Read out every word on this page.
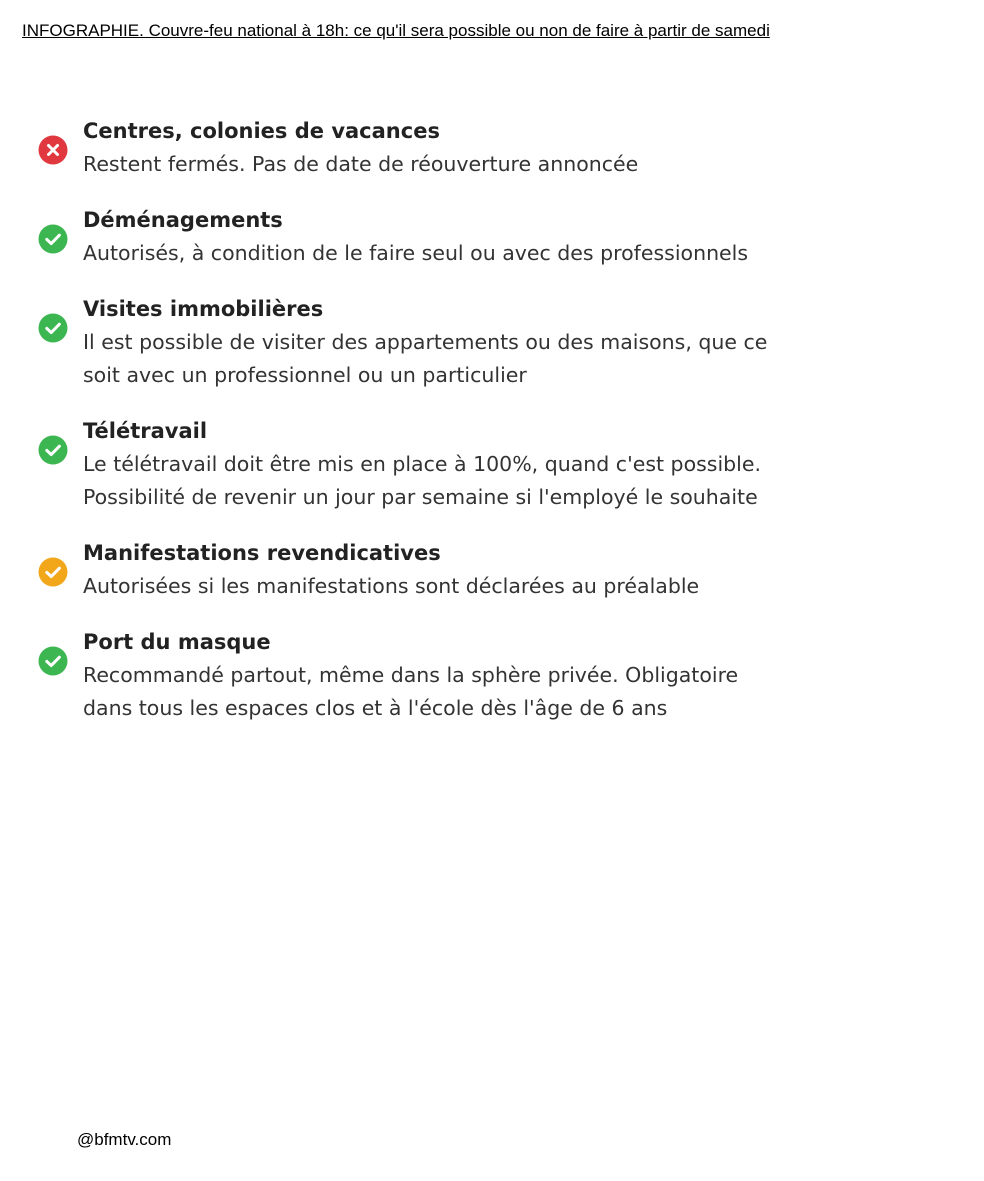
INFOGRAPHIE. Couvre-feu national à 18h: ce qu'il sera possible ou non de faire à partir de samedi
Centres, colonies de vacances
Restent fermés. Pas de date de réouverture annoncée
Déménagements
Autorisés, à condition de le faire seul ou avec des professionnels
Visites immobilières
Il est possible de visiter des appartements ou des maisons, que ce
soit avec un professionnel ou un particulier
Télétravail
Le télétravail doit être mis en place à 100%, quand c'est possible.
Possibilité de revenir un jour par semaine si l'employé le souhaite
Manifestations revendicatives
Autorisées si les manifestations sont déclarées au préalable
Port du masque
Recommandé partout, même dans la sphère privée. Obligatoire
dans tous les espaces clos et à l'école dès l'âge de 6 ans
@bfmtv.com
